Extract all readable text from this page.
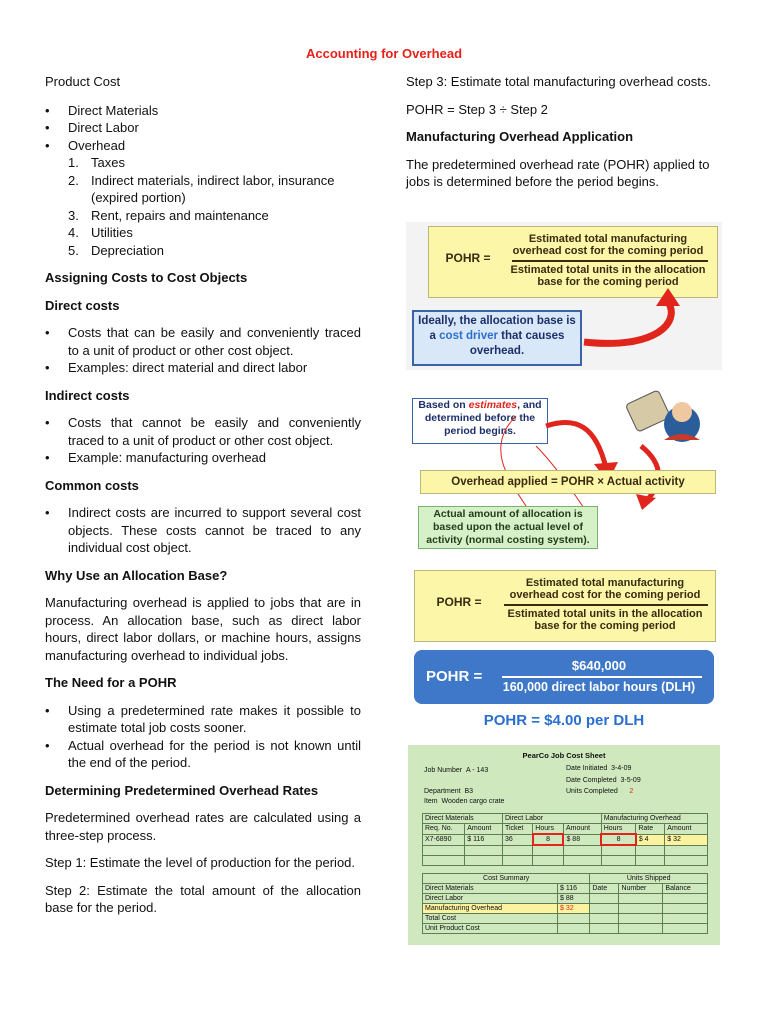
Accounting for Overhead

Product Cost

• Direct Materials
• Direct Labor
• Overhead
1. Taxes
2. Indirect materials, indirect labor, insurance (expired portion)
3. Rent, repairs and maintenance
4. Utilities
5. Depreciation
Assigning Costs to Cost Objects
Direct costs
• Costs that can be easily and conveniently traced to a unit of product or other cost object.
• Examples: direct material and direct labor
Indirect costs
• Costs that cannot be easily and conveniently traced to a unit of product or other cost object.
• Example: manufacturing overhead
Common costs
• Indirect costs are incurred to support several cost objects. These costs cannot be traced to any individual cost object.
Why Use an Allocation Base?

Manufacturing overhead is applied to jobs that are in process. An allocation base, such as direct labor hours, direct labor dollars, or machine hours, assigns manufacturing overhead to individual jobs.

The Need for a POHR
• Using a predetermined rate makes it possible to estimate total job costs sooner.
• Actual overhead for the period is not known until the end of the period.
Determining Predetermined Overhead Rates

Predetermined overhead rates are calculated using a three-step process.

Step 1: Estimate the level of production for the period.

Step 2: Estimate the total amount of the allocation base for the period.

Step 3: Estimate total manufacturing overhead costs.

POHR = Step 3 ÷ Step 2

Manufacturing Overhead Application

The predetermined overhead rate (POHR) applied to jobs is determined before the period begins.

POHR =
Estimated total manufacturing overhead cost for the coming period
Estimated total units in the allocation base for the coming period
Ideally, the allocation base is a cost driver that causes overhead.
Based on estimates, and determined before the period begins.
Overhead applied = POHR × Actual activity
Actual amount of allocation is based upon the actual level of activity (normal costing system).
POHR =
Estimated total manufacturing overhead cost for the coming period
Estimated total units in the allocation base for the coming period
POHR =
$640,000
160,000 direct labor hours (DLH)
POHR = $4.00 per DLH
PearCo Job Cost Sheet
Job Number A - 143	Date Initiated 3-4-09
Date Completed 3-5-09
Units Completed 2
Department B3
Item Wooden cargo crate
Direct Materials		Direct Labor			Manufacturing Overhead		
Req. No.	Amount	Ticket	Hours	Amount	Hours	Rate	Amount
X7-6890	$ 116	36	8	$ 88	8	$ 4	$ 32

Cost Summary		Units Shipped		
Direct Materials	$ 116	Date	Number	Balance
Direct Labor	$ 88			
Manufacturing Overhead	$ 32			
Total Cost				
Unit Product Cost				
